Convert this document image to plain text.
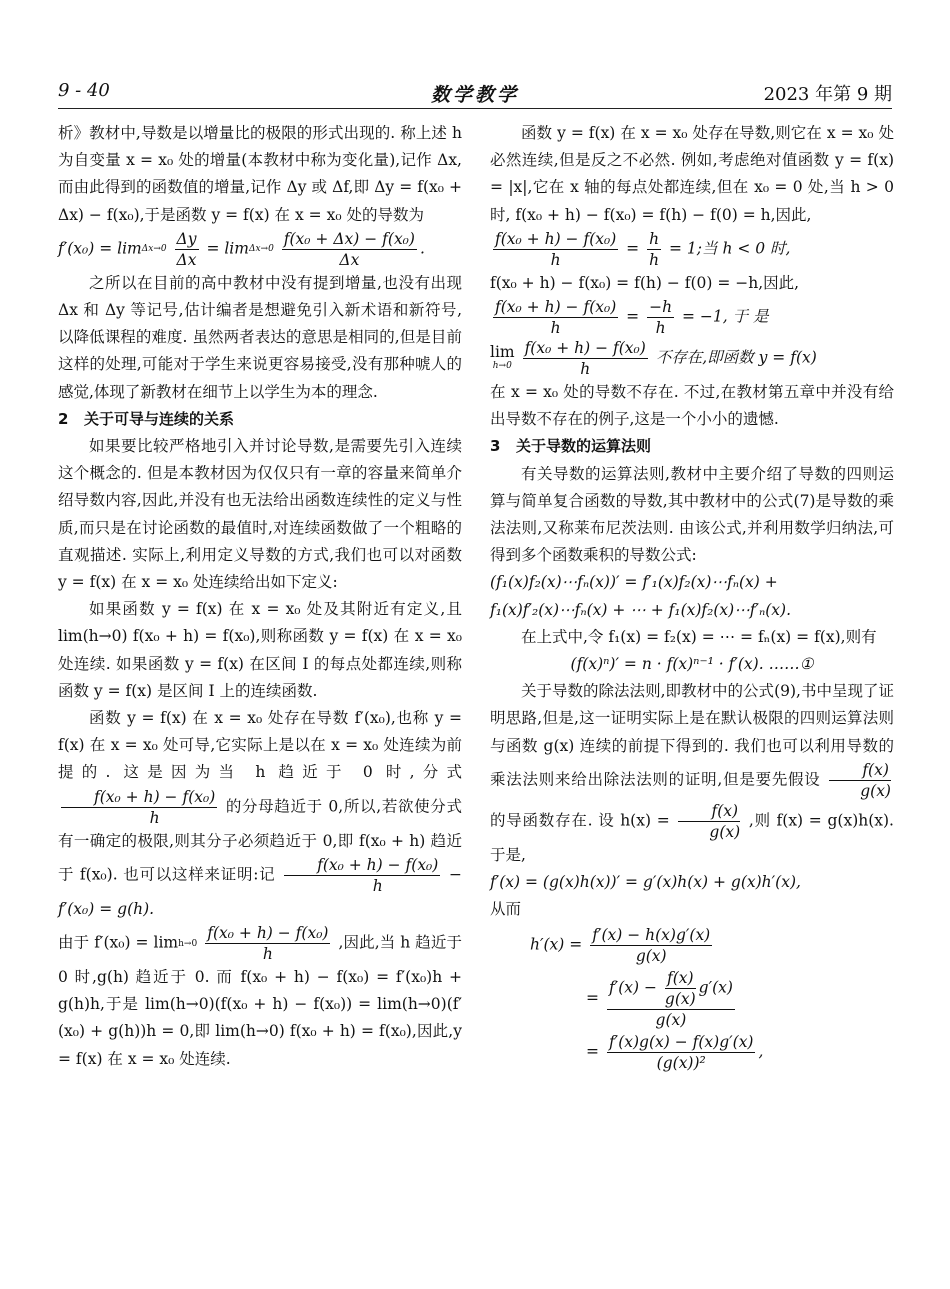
9 - 40	数学教学	2023 年第 9 期

析》教材中,导数是以增量比的极限的形式出现的. 称上述 h 为自变量 x = x₀ 处的增量(本教材中称为变化量),记作 Δx,而由此得到的函数值的增量,记作 Δy 或 Δf,即 Δy = f(x₀ + Δx) − f(x₀),于是函数 y = f(x) 在 x = x₀ 处的导数为

f′(x₀) = lim Δx→0
$\frac{\Delta y}{\Delta x} = \lim \Delta x\to 0$
$\frac{\text{f(x₀ + Δx) − f(x₀)}}{\Delta x}$ .

之所以在目前的高中教材中没有提到增量,也没有出现 Δx 和 Δy 等记号,估计编者是想避免引入新术语和新符号,以降低课程的难度. 虽然两者表达的意思是相同的,但是目前这样的处理,可能对于学生来说更容易接受,没有那种唬人的感觉,体现了新教材在细节上以学生为本的理念.

2 关于可导与连续的关系

如果要比较严格地引入并讨论导数,是需要先引入连续这个概念的. 但是本教材因为仅仅只有一章的容量来简单介绍导数内容,因此,并没有也无法给出函数连续性的定义与性质,而只是在讨论函数的最值时,对连续函数做了一个粗略的直观描述. 实际上,利用定义导数的方式,我们也可以对函数 y = f(x) 在 x = x₀ 处连续给出如下定义:

如果函数 y = f(x) 在 x = x₀ 处及其附近有定义,且 lim(h→0) f(x₀ + h) = f(x₀),则称函数 y = f(x) 在 x = x₀ 处连续. 如果函数 y = f(x) 在区间 I 的每点处都连续,则称函数 y = f(x) 是区间 I 上的连续函数.

函数 y = f(x) 在 x = x₀ 处存在导数 f′(x₀),也称 y = f(x) 在 x = x₀ 处可导,它实际上是以在 x = x₀ 处连续为前提的. 这是因为当 h 趋近于 0 时,分式
$\frac{\text{f(x₀ + h) − f(x₀)}}{h}$ 的分母趋近于 0,所以,若欲使分式有一确定的极限,则其分子必须趋近于 0,即 f(x₀ + h) 趋近于 f(x₀). 也可以这样来证明:记 $\frac{\text{f(x₀ + h) − f(x₀)}}{h} - f'(x_0) = g(h)$.

由于 f′(x₀) = lim h→0
$\frac{\text{f(x₀ + h) − f(x₀)}}{h}$ ,因此,当 h 趋近于 0 时,g(h) 趋近于 0. 而 f(x₀ + h) − f(x₀) = f′(x₀)h + g(h)h,于是 lim(h→0)(f(x₀ + h) − f(x₀)) = lim(h→0)(f′(x₀) + g(h))h = 0,即 lim(h→0) f(x₀ + h) = f(x₀),因此,y = f(x) 在 x = x₀ 处连续.

函数 y = f(x) 在 x = x₀ 处存在导数,则它在 x = x₀ 处必然连续,但是反之不必然. 例如,考虑绝对值函数 y = f(x) = |x|,它在 x 轴的每点处都连续,但在 x₀ = 0 处,当 h > 0 时, f(x₀ + h) − f(x₀) = f(h) − f(0) = h,因此,

$\frac{\text{f(x₀ + h) − f(x₀)}}{h} = \frac{h}{h} = 1$;当 h < 0 时,

f(x₀ + h) − f(x₀) = f(h) − f(0) = −h,因此,

$\frac{\text{f(x₀ + h) − f(x₀)}}{h} = \frac{-h}{h} = -1$, 于 是

lim
h→0
$\frac{\text{f(x₀ + h) − f(x₀)}}{h}$ 不存在,即函数 y = f(x)

在 x = x₀ 处的导数不存在. 不过,在教材第五章中并没有给出导数不存在的例子,这是一个小小的遗憾.

3 关于导数的运算法则

有关导数的运算法则,教材中主要介绍了导数的四则运算与简单复合函数的导数,其中教材中的公式(7)是导数的乘法法则,又称莱布尼茨法则. 由该公式,并利用数学归纳法,可得到多个函数乘积的导数公式:

(f₁(x)f₂(x)⋯fₙ(x))′ = f′₁(x)f₂(x)⋯fₙ(x) +

f₁(x)f′₂(x)⋯fₙ(x) + ⋯ + f₁(x)f₂(x)⋯f′ₙ(x).

在上式中,令 f₁(x) = f₂(x) = ⋯ = fₙ(x) = f(x),则有

(f(x)ⁿ)′ = n · f(x)ⁿ⁻¹ · f′(x). ……①

关于导数的除法法则,即教材中的公式(9),书中呈现了证明思路,但是,这一证明实际上是在默认极限的四则运算法则与函数 g(x) 连续的前提下得到的. 我们也可以利用导数的乘法法则来给出除法法则的证明,但是要先假设 $\frac{f(x)}{g(x)}$
的导函数存在. 设 $h(x) = \frac{f(x)}{g(x)}$ ,则 f(x) = g(x)h(x). 于是,

f′(x) = (g(x)h(x))′ = g′(x)h(x) + g(x)h′(x),

从而

$h'(x) = \frac{f'(x) - h(x)g'(x)}{g(x)}$
= $\frac{f'(x) - \frac{f(x)}{g(x)} g'(x)}{g(x)}$
= $\frac{f'(x)g(x) - f(x)g'(x)}{\text{(g(x))²}}$ ,
